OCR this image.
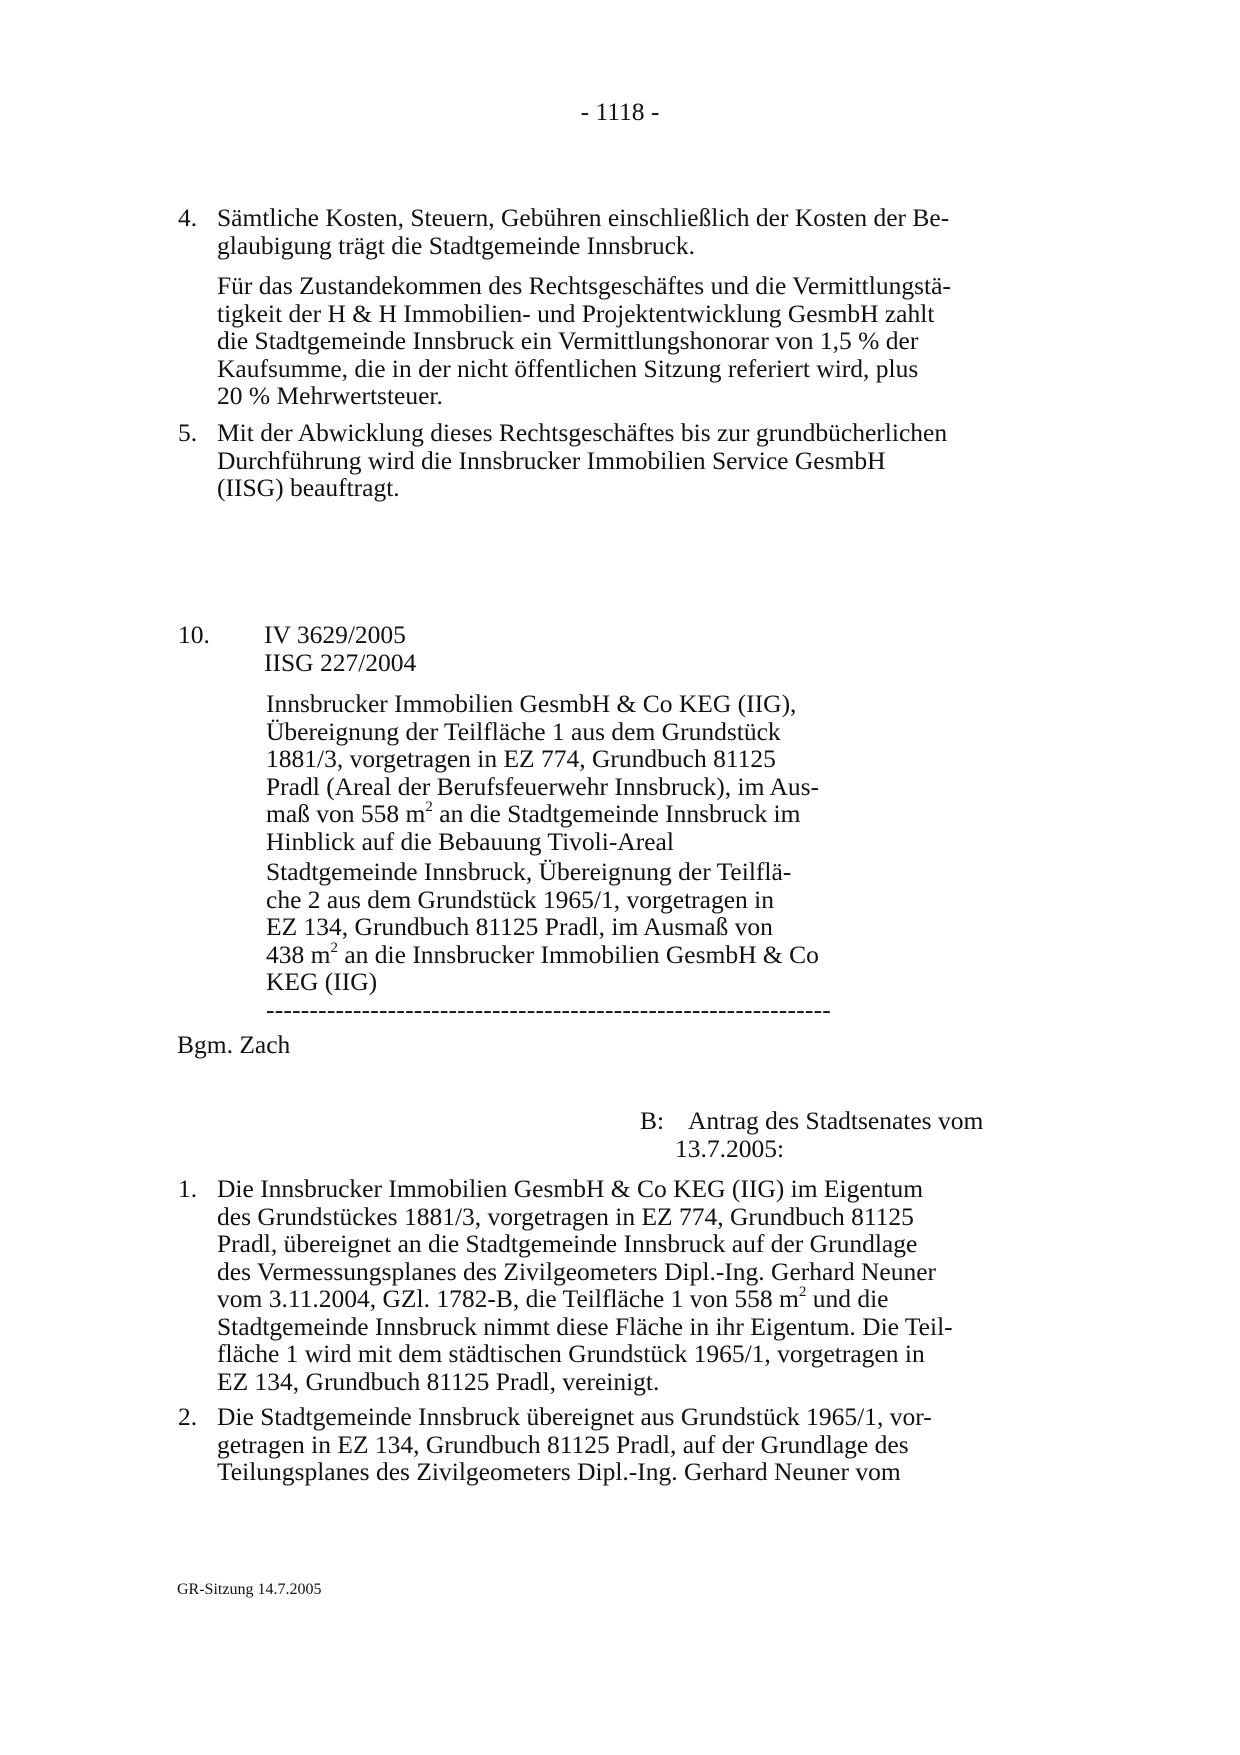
- 1118 -
4. Sämtliche Kosten, Steuern, Gebühren einschließlich der Kosten der Be-
glaubigung trägt die Stadtgemeinde Innsbruck.
Für das Zustandekommen des Rechtsgeschäftes und die Vermittlungstä-
tigkeit der H & H Immobilien- und Projektentwicklung GesmbH zahlt
die Stadtgemeinde Innsbruck ein Vermittlungshonorar von 1,5 % der
Kaufsumme, die in der nicht öffentlichen Sitzung referiert wird, plus
20 % Mehrwertsteuer.
5. Mit der Abwicklung dieses Rechtsgeschäftes bis zur grundbücherlichen
Durchführung wird die Innsbrucker Immobilien Service GesmbH
(IISG) beauftragt.
10. IV 3629/2005
IISG 227/2004
Innsbrucker Immobilien GesmbH & Co KEG (IIG),
Übereignung der Teilfläche 1 aus dem Grundstück
1881/3, vorgetragen in EZ 774, Grundbuch 81125
Pradl (Areal der Berufsfeuerwehr Innsbruck), im Aus-
maß von 558 $m^2$ an die Stadtgemeinde Innsbruck im
Hinblick auf die Bebauung Tivoli-Areal
Stadtgemeinde Innsbruck, Übereignung der Teilflä-
che 2 aus dem Grundstück 1965/1, vorgetragen in
EZ 134, Grundbuch 81125 Pradl, im Ausmaß von
438 $m^2$ an die Innsbrucker Immobilien GesmbH & Co
KEG (IIG)
-----------------------------------------------------------------
Bgm. Zach
B: Antrag des Stadtsenates vom
13.7.2005:
1. Die Innsbrucker Immobilien GesmbH & Co KEG (IIG) im Eigentum
des Grundstückes 1881/3, vorgetragen in EZ 774, Grundbuch 81125
Pradl, übereignet an die Stadtgemeinde Innsbruck auf der Grundlage
des Vermessungsplanes des Zivilgeometers Dipl.-Ing. Gerhard Neuner
vom 3.11.2004, GZl. 1782-B, die Teilfläche 1 von 558 $m^2$ und die
Stadtgemeinde Innsbruck nimmt diese Fläche in ihr Eigentum. Die Teil-
fläche 1 wird mit dem städtischen Grundstück 1965/1, vorgetragen in
EZ 134, Grundbuch 81125 Pradl, vereinigt.
2. Die Stadtgemeinde Innsbruck übereignet aus Grundstück 1965/1, vor-
getragen in EZ 134, Grundbuch 81125 Pradl, auf der Grundlage des
Teilungsplanes des Zivilgeometers Dipl.-Ing. Gerhard Neuner vom
GR-Sitzung 14.7.2005
